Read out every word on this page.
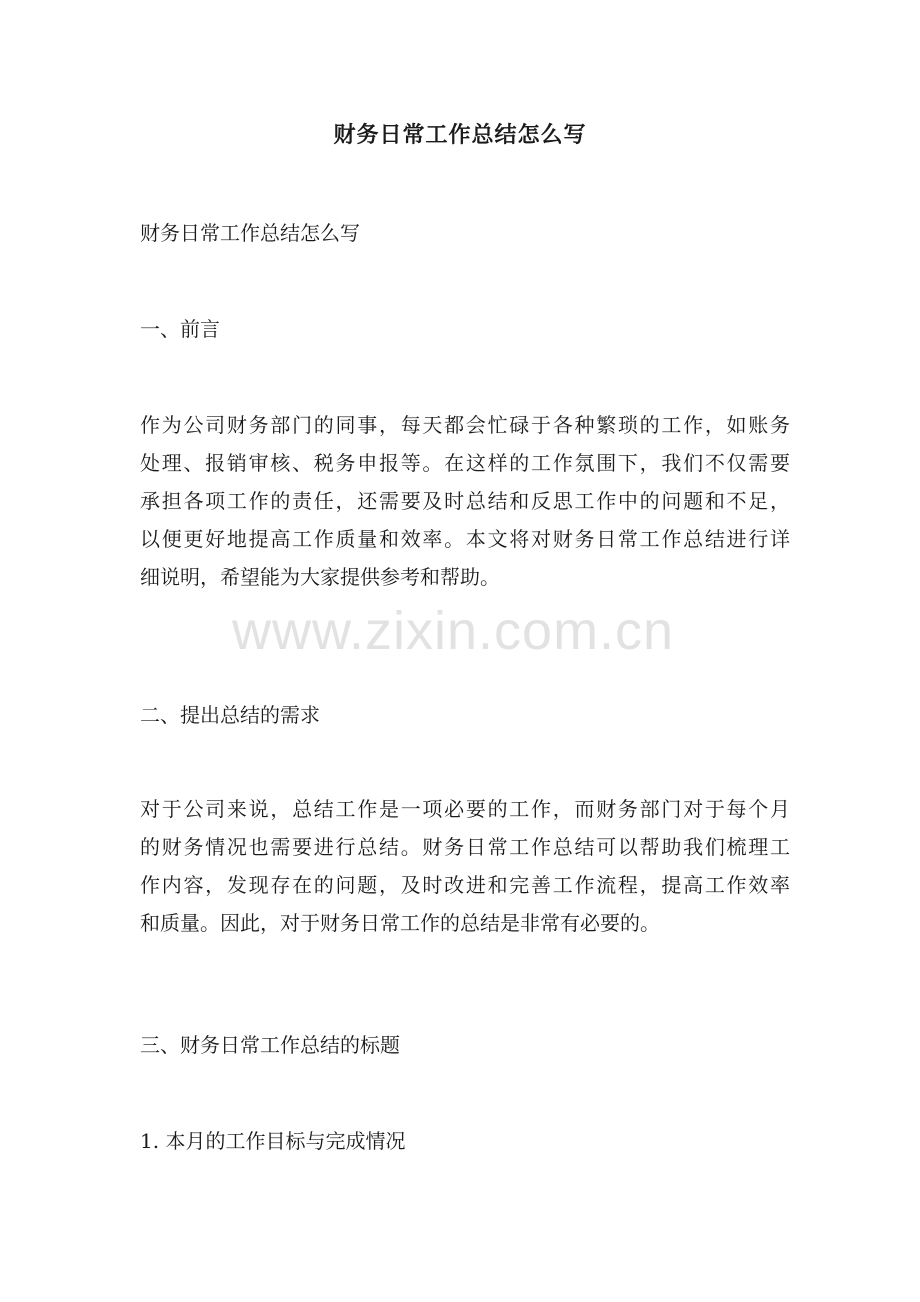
财务日常工作总结怎么写

财务日常工作总结怎么写

一、前言

作为公司财务部门的同事，每天都会忙碌于各种繁琐的工作，如账务
处理、报销审核、税务申报等。在这样的工作氛围下，我们不仅需要
承担各项工作的责任，还需要及时总结和反思工作中的问题和不足，
以便更好地提高工作质量和效率。本文将对财务日常工作总结进行详
细说明，希望能为大家提供参考和帮助。

二、提出总结的需求

对于公司来说，总结工作是一项必要的工作，而财务部门对于每个月
的财务情况也需要进行总结。财务日常工作总结可以帮助我们梳理工
作内容，发现存在的问题，及时改进和完善工作流程，提高工作效率
和质量。因此，对于财务日常工作的总结是非常有必要的。

三、财务日常工作总结的标题

1. 本月的工作目标与完成情况

www.zixin.com.cn
